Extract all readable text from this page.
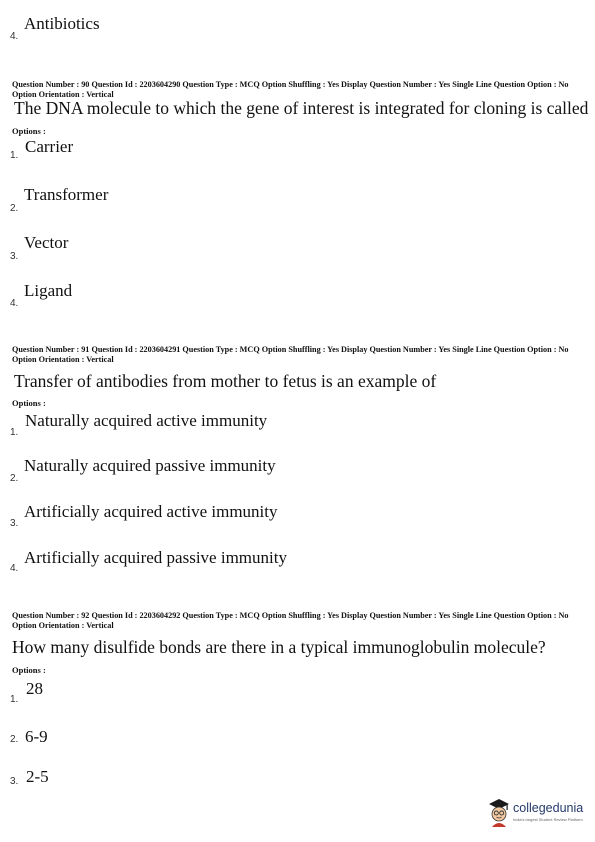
Antibiotics
4.
Question Number : 90 Question Id : 2203604290 Question Type : MCQ Option Shuffling : Yes Display Question Number : Yes Single Line Question Option : No Option Orientation : Vertical
The DNA molecule to which the gene of interest is integrated for cloning is called
Options :
Carrier
1.
Transformer
2.
Vector
3.
Ligand
4.
Question Number : 91 Question Id : 2203604291 Question Type : MCQ Option Shuffling : Yes Display Question Number : Yes Single Line Question Option : No Option Orientation : Vertical
Transfer of antibodies from mother to fetus is an example of
Options :
Naturally acquired active immunity
1.
Naturally acquired passive immunity
2.
Artificially acquired active immunity
3.
Artificially acquired passive immunity
4.
Question Number : 92 Question Id : 2203604292 Question Type : MCQ Option Shuffling : Yes Display Question Number : Yes Single Line Question Option : No Option Orientation : Vertical
How many disulfide bonds are there in a typical immunoglobulin molecule?
Options :
28
1.
6-9
2.
2-5
3.
collegedunia
India's largest Student Review Platform
